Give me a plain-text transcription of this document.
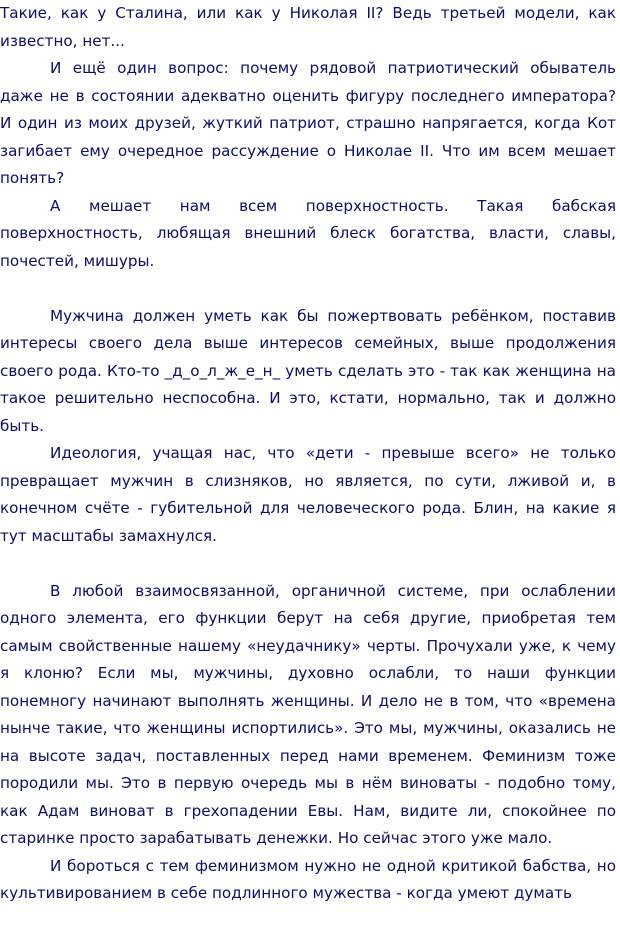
Такие, как у Сталина, или как у Николая II? Ведь третьей модели, как известно, нет...

И ещё один вопрос: почему рядовой патриотический обыватель даже не в состоянии адекватно оценить фигуру последнего императора? И один из моих друзей, жуткий патриот, страшно напрягается, когда Кот загибает ему очередное рассуждение о Николае II. Что им всем мешает понять?

А мешает нам всем поверхностность. Такая бабская поверхностность, любящая внешний блеск богатства, власти, славы, почестей, мишуры.

Мужчина должен уметь как бы пожертвовать ребёнком, поставив интересы своего дела выше интересов семейных, выше продолжения своего рода. Кто-то _д_о_л_ж_е_н_ уметь сделать это - так как женщина на такое решительно неспособна. И это, кстати, нормально, так и должно быть.

Идеология, учащая нас, что «дети - превыше всего» не только превращает мужчин в слизняков, но является, по сути, лживой и, в конечном счёте - губительной для человеческого рода. Блин, на какие я тут масштабы замахнулся.

В любой взаимосвязанной, органичной системе, при ослаблении одного элемента, его функции берут на себя другие, приобретая тем самым свойственные нашему «неудачнику» черты. Прочухали уже, к чему я клоню? Если мы, мужчины, духовно ослабли, то наши функции понемногу начинают выполнять женщины. И дело не в том, что «времена нынче такие, что женщины испортились». Это мы, мужчины, оказались не на высоте задач, поставленных перед нами временем. Феминизм тоже породили мы. Это в первую очередь мы в нём виноваты - подобно тому, как Адам виноват в грехопадении Евы. Нам, видите ли, спокойнее по старинке просто зарабатывать денежки. Но сейчас этого уже мало.

И бороться с тем феминизмом нужно не одной критикой бабства, но культивированием в себе подлинного мужества - когда умеют думать
